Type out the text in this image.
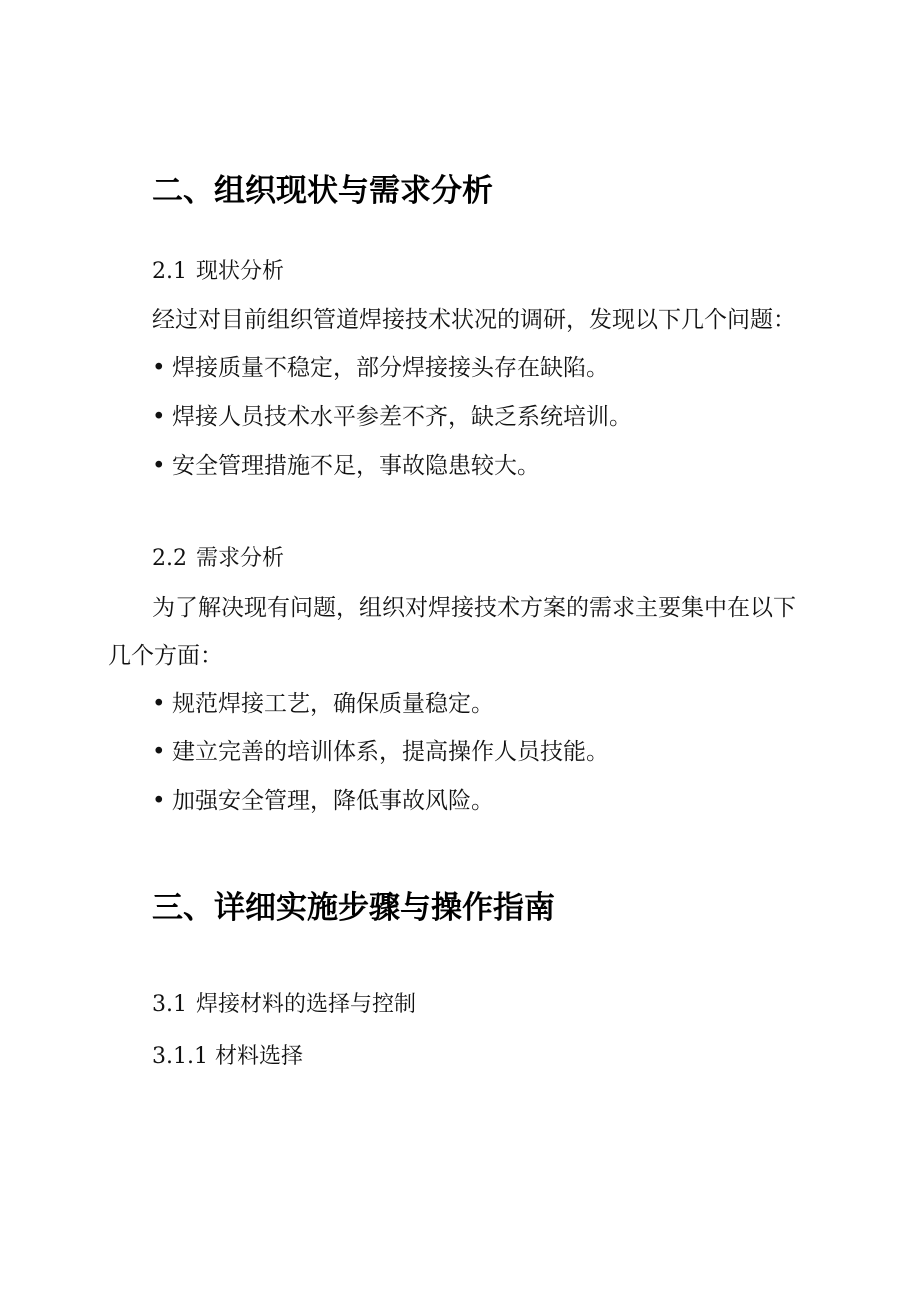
二、组织现状与需求分析
2.1 现状分析
经过对目前组织管道焊接技术状况的调研，发现以下几个问题：
• 焊接质量不稳定，部分焊接接头存在缺陷。
• 焊接人员技术水平参差不齐，缺乏系统培训。
• 安全管理措施不足，事故隐患较大。
2.2 需求分析
为了解决现有问题，组织对焊接技术方案的需求主要集中在以下几个方面：
• 规范焊接工艺，确保质量稳定。
• 建立完善的培训体系，提高操作人员技能。
• 加强安全管理，降低事故风险。
三、详细实施步骤与操作指南
3.1 焊接材料的选择与控制
3.1.1 材料选择
